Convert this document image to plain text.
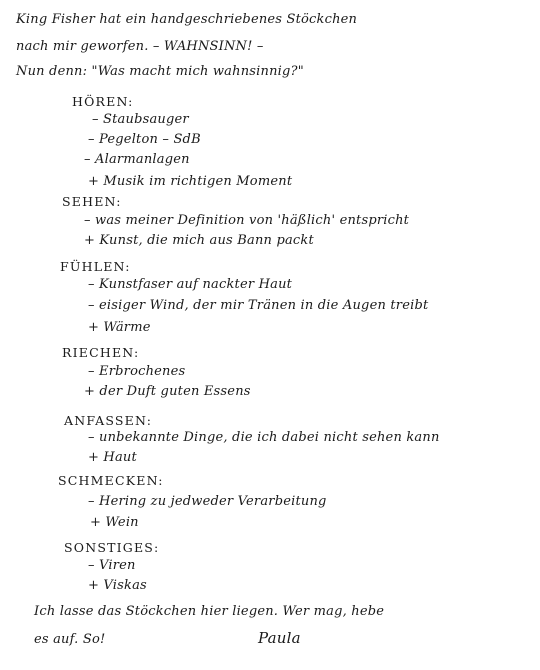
King Fisher hat ein handgeschriebenes Stöckchen
nach mir geworfen. – WAHNSINN! –
Nun denn: "Was macht mich wahnsinnig?"
HÖREN:
– Staubsauger
– Pegelton – SdB
– Alarmanlagen
+ Musik im richtigen Moment
SEHEN:
– was meiner Definition von 'häßlich' entspricht
+ Kunst, die mich aus Bann packt
FÜHLEN:
– Kunstfaser auf nackter Haut
– eisiger Wind, der mir Tränen in die Augen treibt
+ Wärme
RIECHEN:
– Erbrochenes
+ der Duft guten Essens
ANFASSEN:
– unbekannte Dinge, die ich dabei nicht sehen kann
+ Haut
SCHMECKEN:
– Hering zu jedweder Verarbeitung
+ Wein
SONSTIGES:
– Viren
+ Viskas
Ich lasse das Stöckchen hier liegen. Wer mag, hebe
es auf. So!	Paula
